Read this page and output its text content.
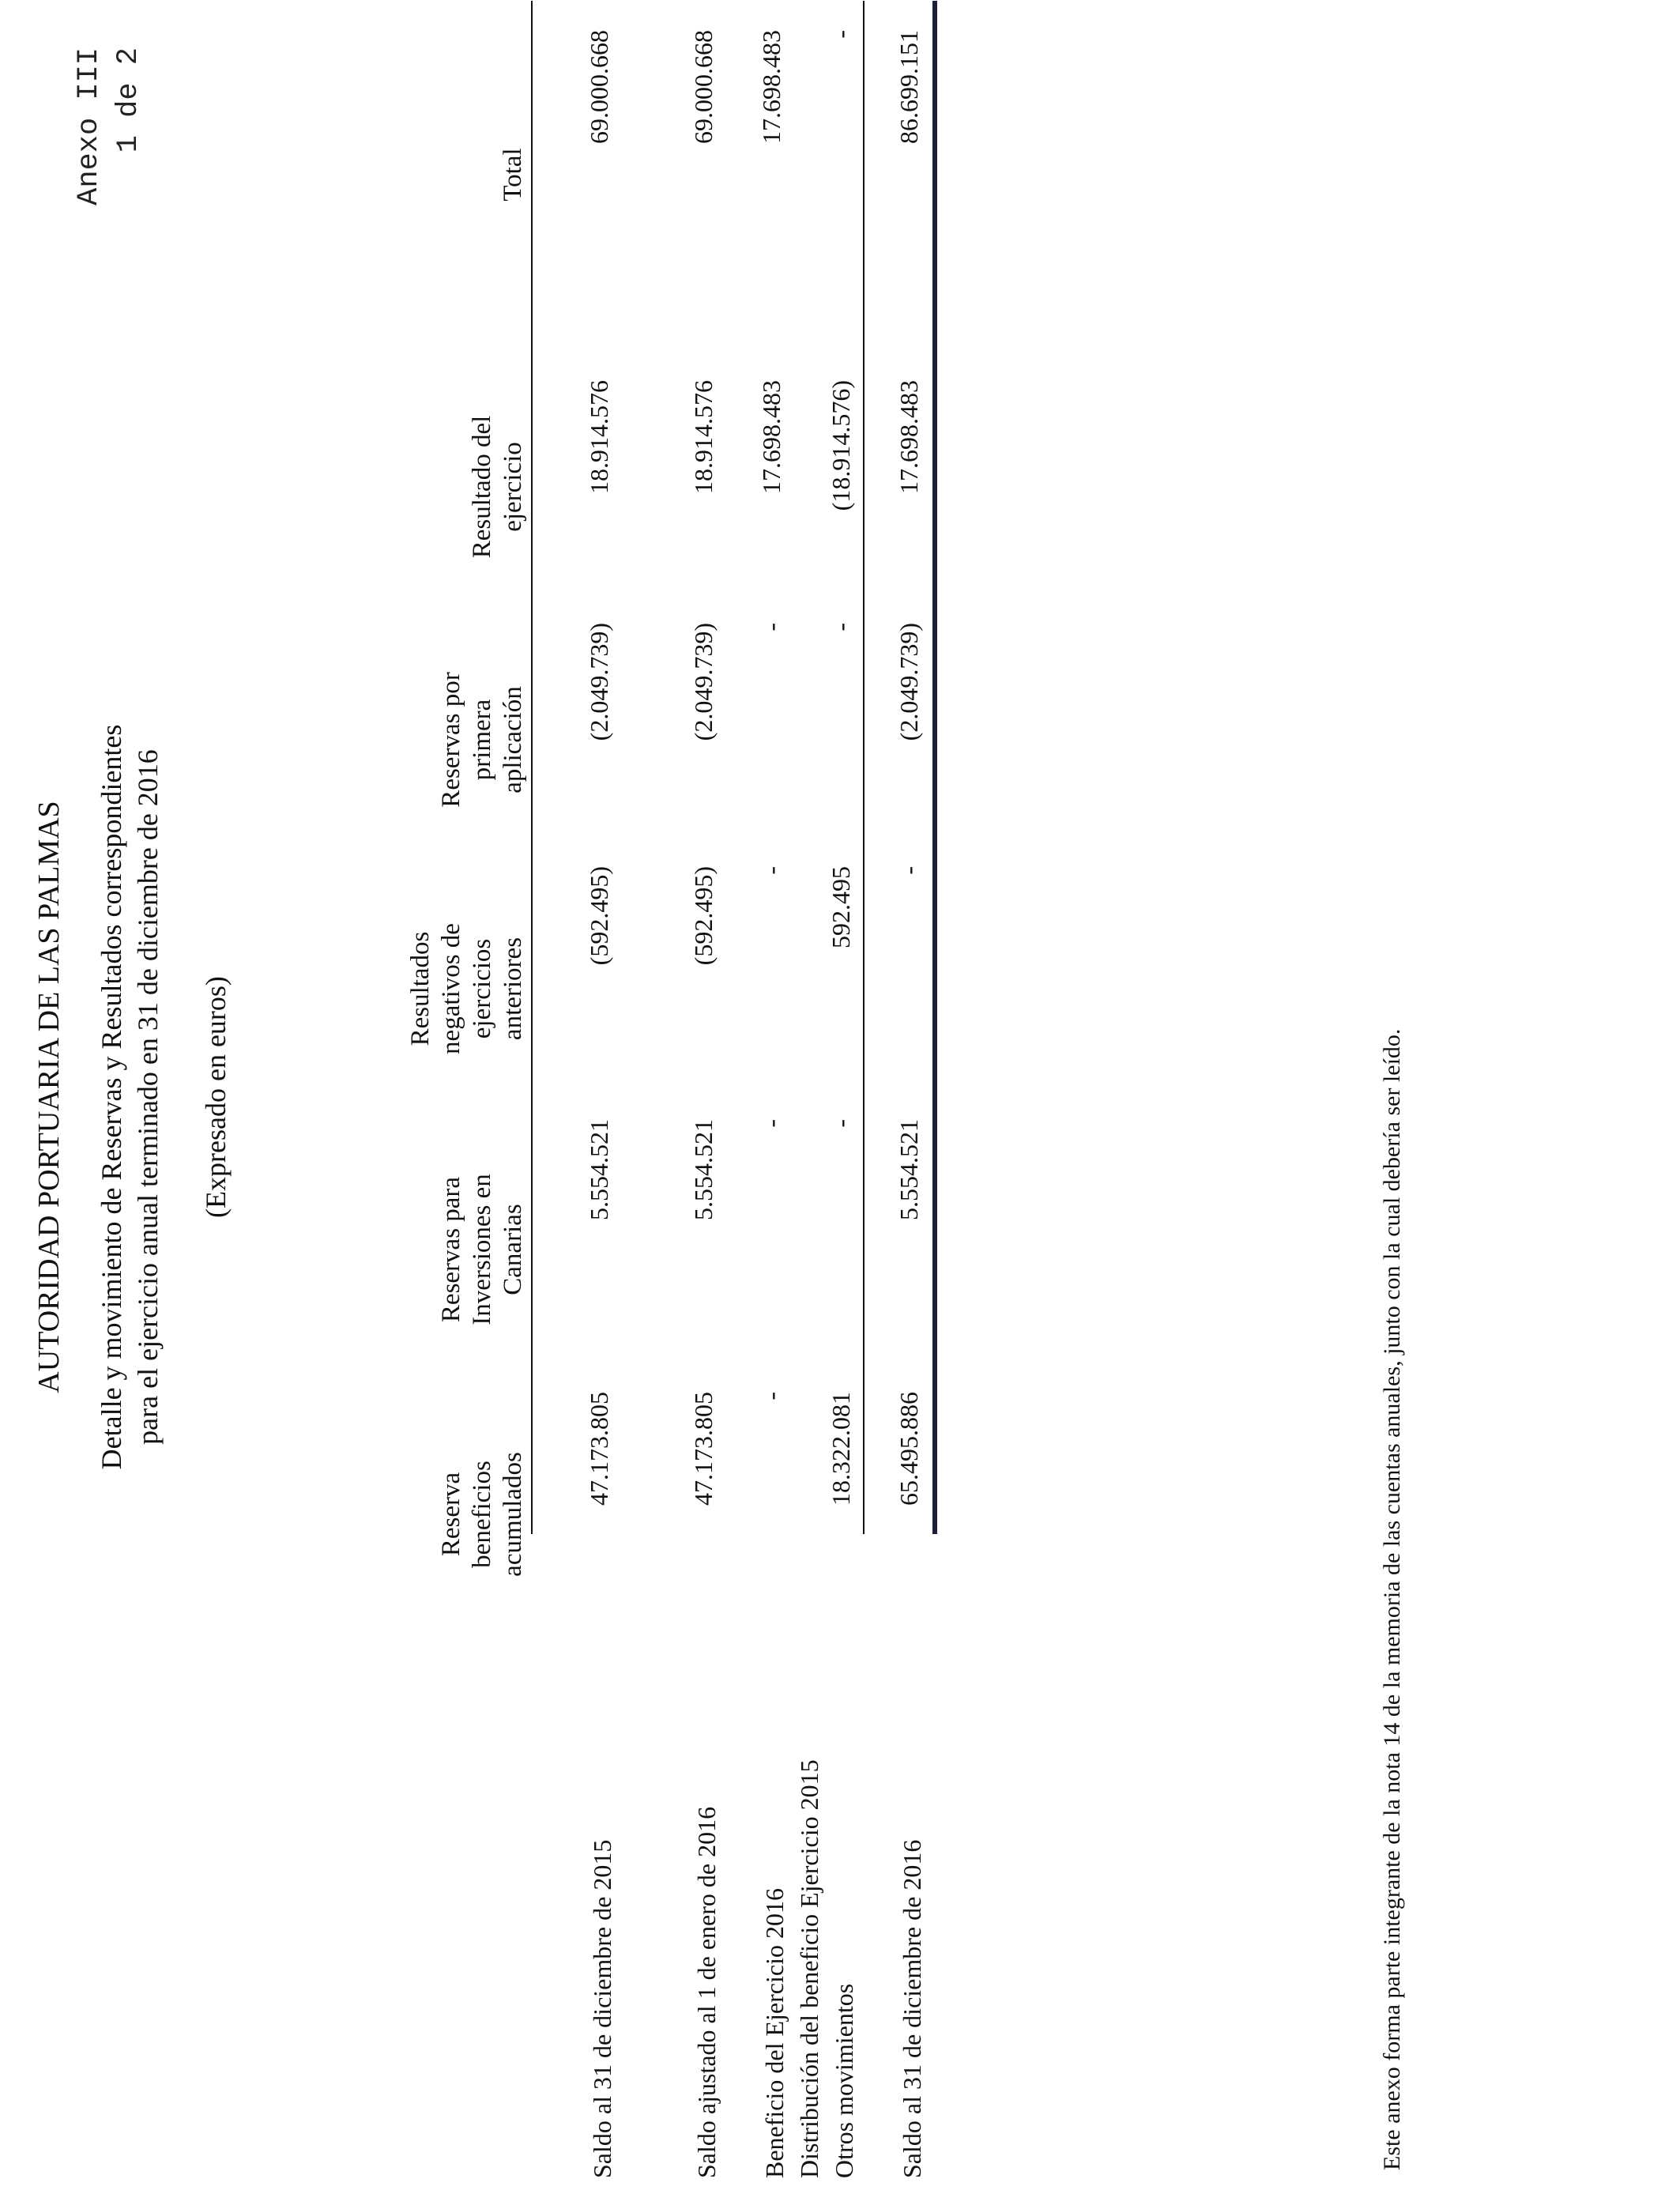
AUTORIDAD PORTUARIA DE LAS PALMAS Detalle y movimiento de Reservas y Resultados correspondientes para el ejercicio anual terminado en 31 de diciembre de 2016 (Expresado en euros)
Anexo III 1 de 2
Reserva beneficios acumulados
Reservas para Inversiones en Canarias
Resultados negativos de ejercicios anteriores
Reservas por primera aplicación
Resultado del ejercicio
Total
Saldo al 31 de diciembre de 2015	Saldo ajustado al 1 de enero de 2016 Beneficio del Ejercicio 2016 Distribución del beneficio Ejercicio 2015 Otros movimientos Saldo al 31 de diciembre de 2016
47.173.805
5.554.521
(592.495)
(2.049.739)
18.914.576
69.000.668
47.173.805
5.554.521
(592.495)
(2.049.739)
18.914.576
69.000.668
-
-
-
-
17.698.483
17.698.483
18.322.081
-
592.495
-
(18.914.576)
-
65.495.886
5.554.521
-
(2.049.739)
17.698.483
86.699.151
Este anexo forma parte integrante de la nota 14 de la memoria de las cuentas anuales, junto con la cual debería ser leído.
